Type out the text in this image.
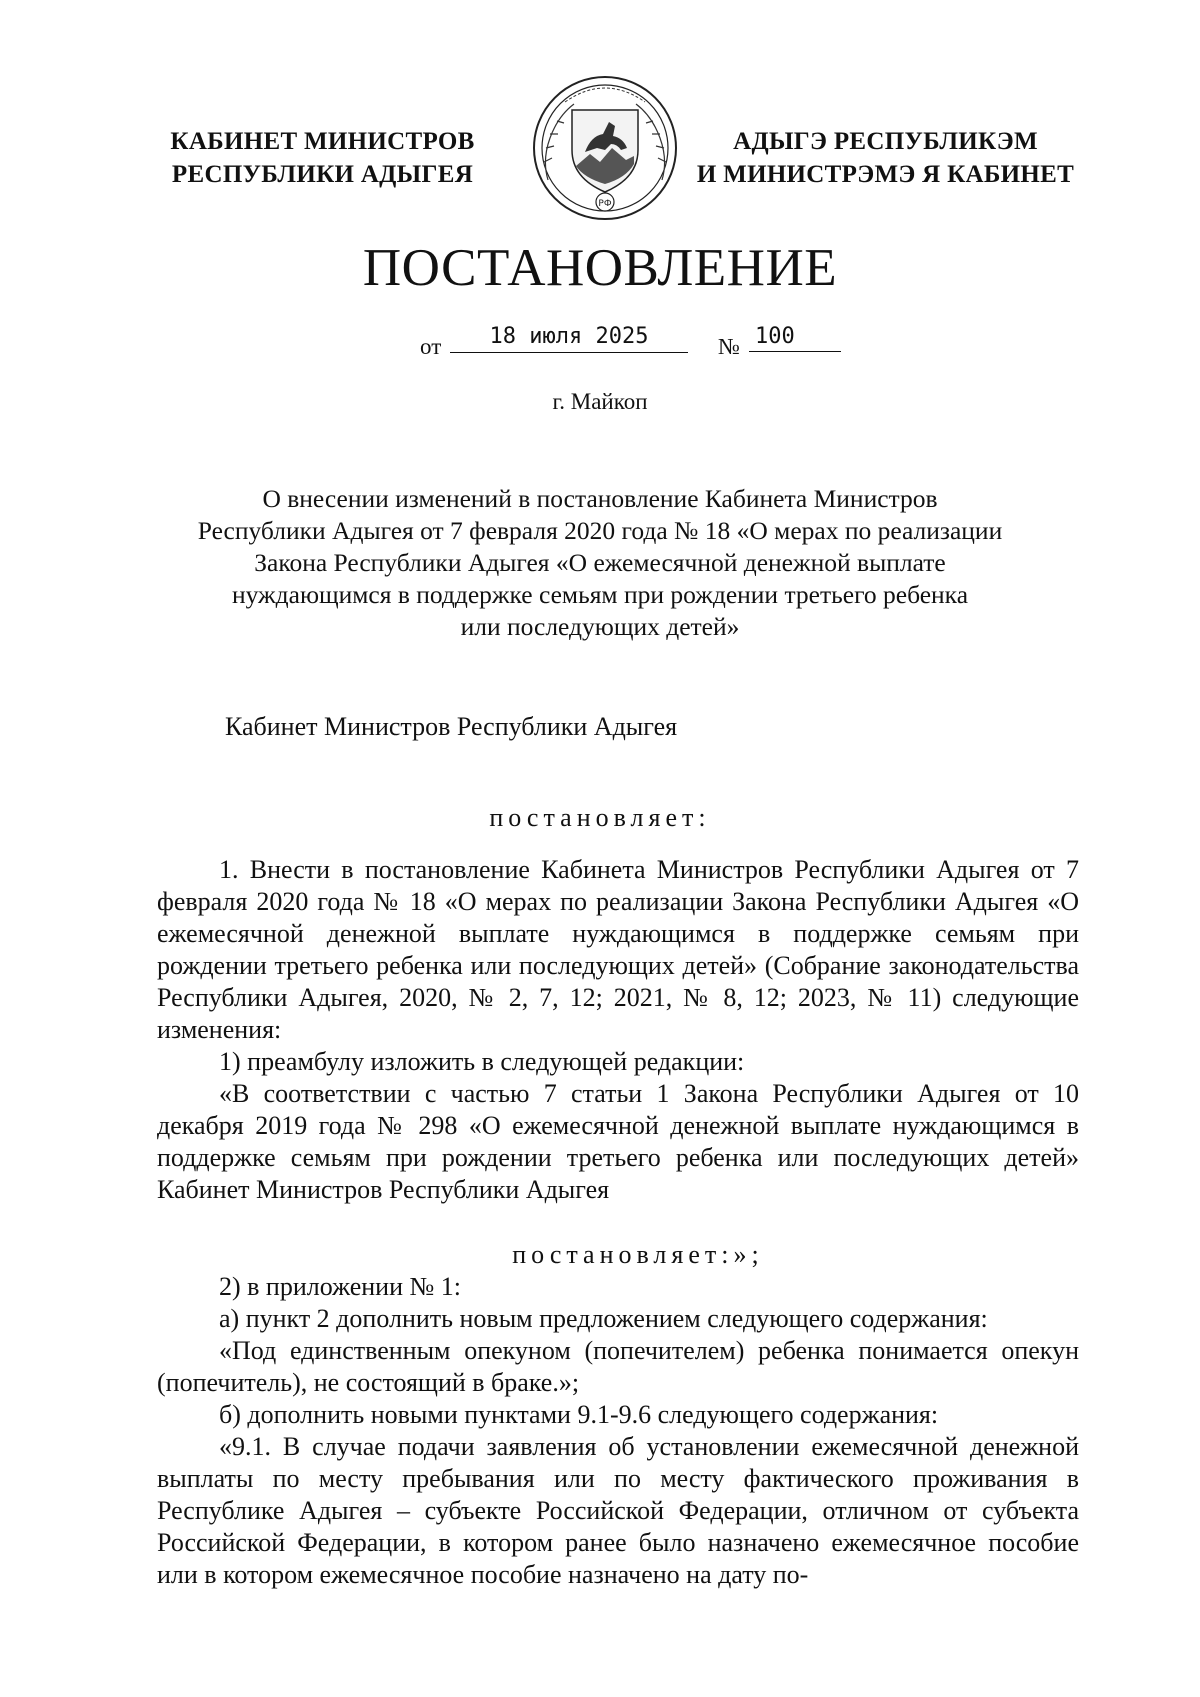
КАБИНЕТ МИНИСТРОВ
РЕСПУБЛИКИ АДЫГЕЯ
РФ
АДЫГЭ РЕСПУБЛИКЭМ
И МИНИСТРЭМЭ Я КАБИНЕТ
ПОСТАНОВЛЕНИЕ
от	18 июля 2025	№ 100
г. Майкоп
О внесении изменений в постановление Кабинета Министров
Республики Адыгея от 7 февраля 2020 года № 18 «О мерах по реализации
Закона Республики Адыгея «О ежемесячной денежной выплате
нуждающимся в поддержке семьям при рождении третьего ребенка
или последующих детей»
Кабинет Министров Республики Адыгея
постановляет:

1. Внести в постановление Кабинета Министров Республики Адыгея от 7 февраля 2020 года № 18 «О мерах по реализации Закона Республики Адыгея «О ежемесячной денежной выплате нуждающимся в поддержке семьям при рождении третьего ребенка или последующих детей» (Собрание законодательства Республики Адыгея, 2020, № 2, 7, 12; 2021, № 8, 12; 2023, № 11) следующие изменения:

1) преамбулу изложить в следующей редакции:

«В соответствии с частью 7 статьи 1 Закона Республики Адыгея от 10 декабря 2019 года № 298 «О ежемесячной денежной выплате нуждающимся в поддержке семьям при рождении третьего ребенка или последующих детей» Кабинет Министров Республики Адыгея

постановляет:»;

2) в приложении № 1:

а) пункт 2 дополнить новым предложением следующего содержания:

«Под единственным опекуном (попечителем) ребенка понимается опекун (попечитель), не состоящий в браке.»;

б) дополнить новыми пунктами 9.1-9.6 следующего содержания:

«9.1. В случае подачи заявления об установлении ежемесячной денежной выплаты по месту пребывания или по месту фактического проживания в Республике Адыгея – субъекте Российской Федерации, отличном от субъекта Российской Федерации, в котором ранее было назначено ежемесячное пособие или в котором ежемесячное пособие назначено на дату по-
